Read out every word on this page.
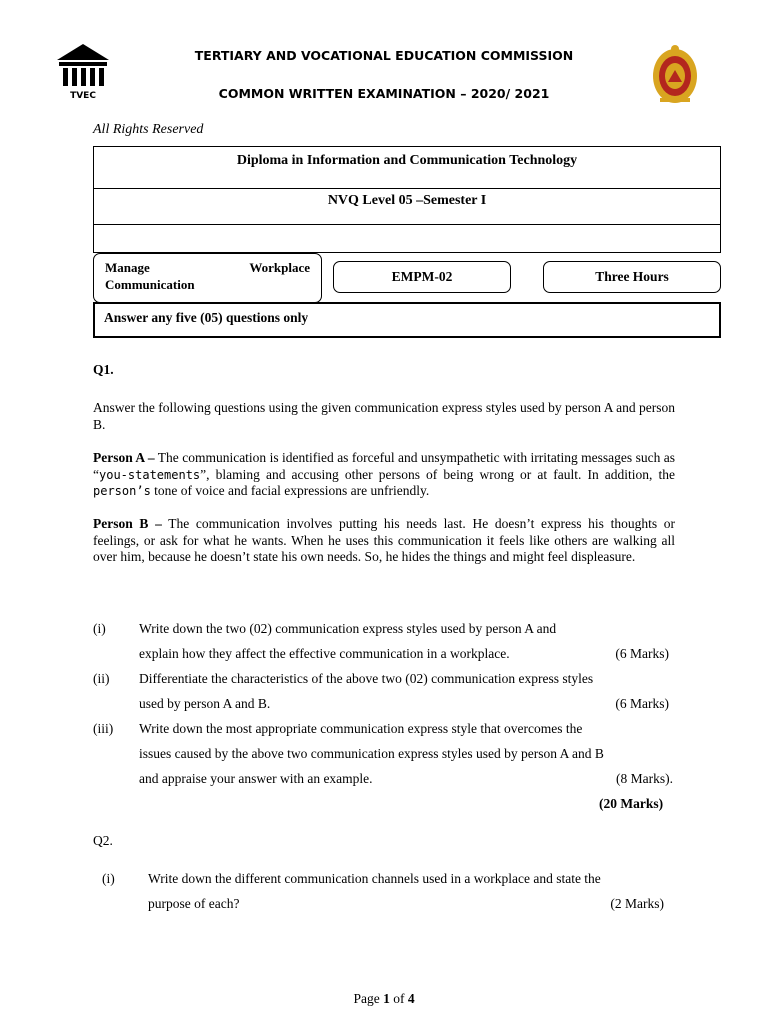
TVEC
TERTIARY AND VOCATIONAL EDUCATION COMMISSION
COMMON WRITTEN EXAMINATION – 2020/ 2021
All Rights Reserved
Diploma in Information and Communication Technology
NVQ Level 05 –Semester I
Manage	Workplace
Communication
EMPM-02	Three Hours
Answer any five (05) questions only
Q1.
Answer the following questions using the given communication express styles used by person A and person B.
Person A – The communication is identified as forceful and unsympathetic with irritating messages such as “you-statements”, blaming and accusing other persons of being wrong or at fault. In addition, the person’s tone of voice and facial expressions are unfriendly.
Person B – The communication involves putting his needs last. He doesn’t express his thoughts or feelings, or ask for what he wants. When he uses this communication it feels like others are walking all over him, because he doesn’t state his own needs. So, he hides the things and might feel displeasure.
(i) Write down the two (02) communication express styles used by person A and
explain how they affect the effective communication in a workplace.	(6 Marks)
(ii) Differentiate the characteristics of the above two (02) communication express styles
used by person A and B.	(6 Marks)
(iii) Write down the most appropriate communication express style that overcomes the
issues caused by the above two communication express styles used by person A and B
and appraise your answer with an example.	(8 Marks).
(20 Marks)
Q2.
(i) Write down the different communication channels used in a workplace and state the
purpose of each?	(2 Marks)
Page 1 of 4
